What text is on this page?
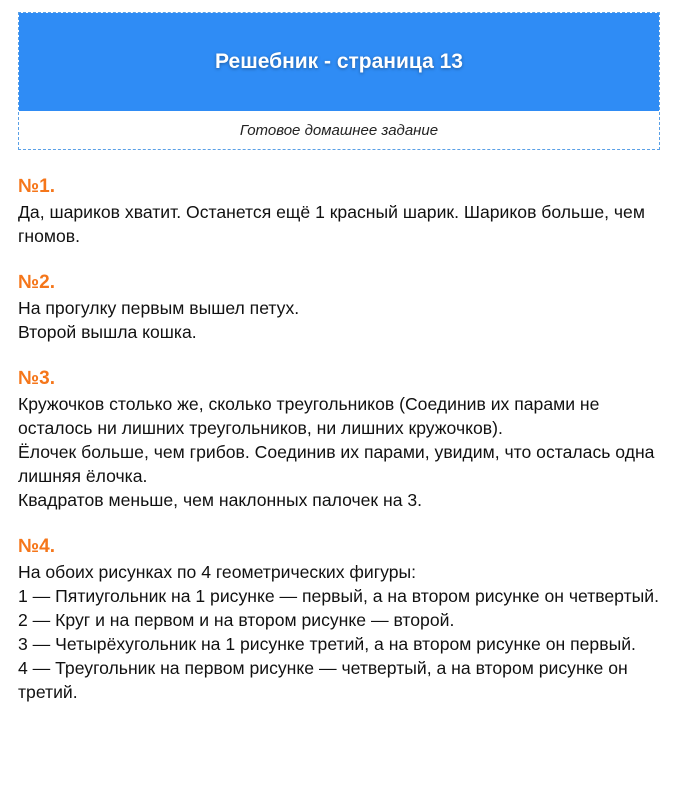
Решебник - страница 13
Готовое домашнее задание
№1.

Да, шариков хватит. Останется ещё 1 красный шарик. Шариков больше, чем гномов.

№2.

На прогулку первым вышел петух.

Второй вышла кошка.

№3.

Кружочков столько же, сколько треугольников (Соединив их парами не осталось ни лишних треугольников, ни лишних кружочков).

Ёлочек больше, чем грибов. Соединив их парами, увидим, что осталась одна лишняя ёлочка.

Квадратов меньше, чем наклонных палочек на 3.

№4.

На обоих рисунках по 4 геометрических фигуры:

1 — Пятиугольник на 1 рисунке — первый, а на втором рисунке он четвертый.

2 — Круг и на первом и на втором рисунке — второй.

3 — Четырёхугольник на 1 рисунке третий, а на втором рисунке он первый.

4 — Треугольник на первом рисунке — четвертый, а на втором рисунке он третий.
